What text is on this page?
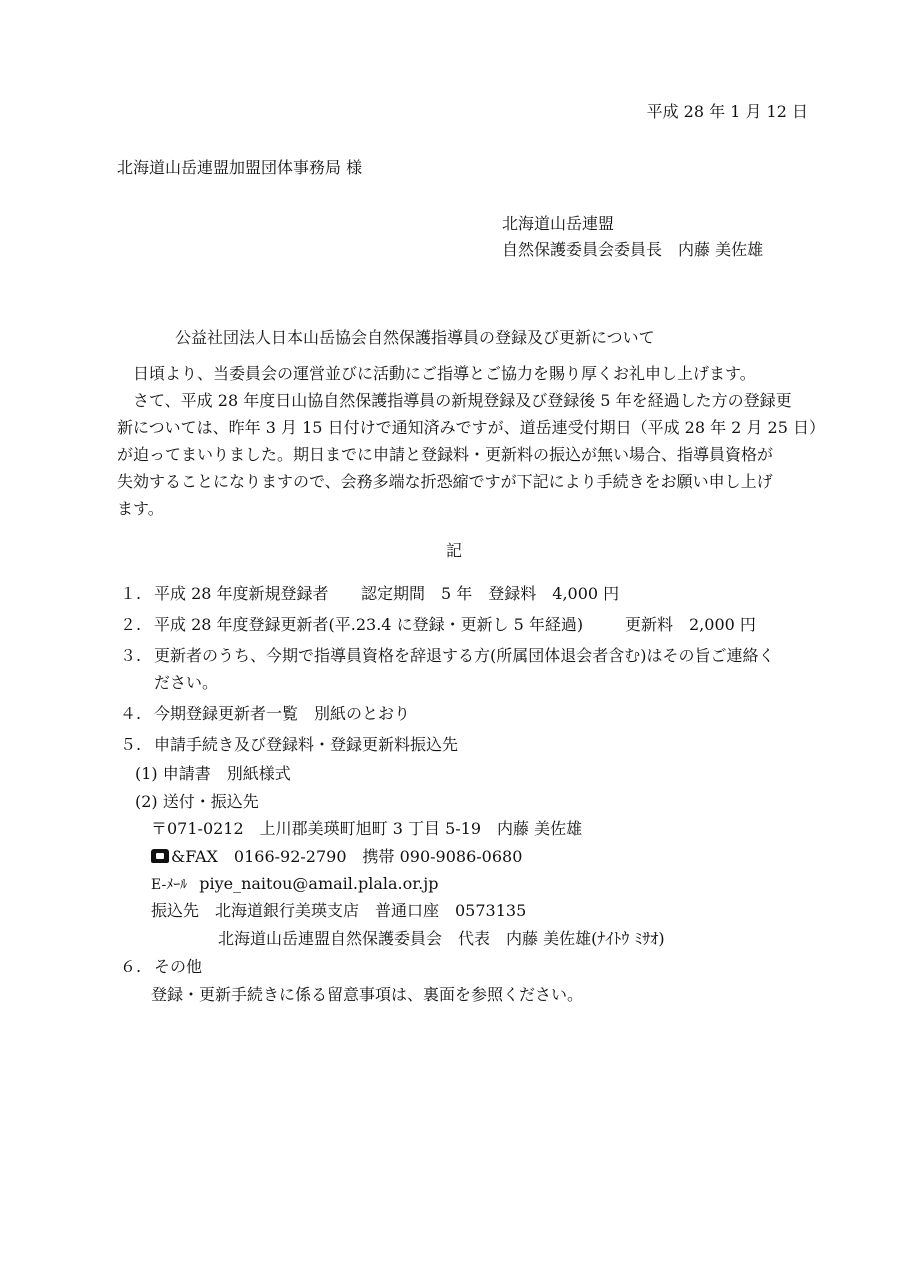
平成 28 年 1 月 12 日
北海道山岳連盟加盟団体事務局 様
北海道山岳連盟
自然保護委員会委員長　内藤 美佐雄
公益社団法人日本山岳協会自然保護指導員の登録及び更新について
日頃より、当委員会の運営並びに活動にご指導とご協力を賜り厚くお礼申し上げます。
さて、平成 28 年度日山協自然保護指導員の新規登録及び登録後 5 年を経過した方の登録更
新については、昨年 3 月 15 日付けで通知済みですが、道岳連受付期日（平成 28 年 2 月 25 日）
が迫ってまいりました。期日までに申請と登録料・更新料の振込が無い場合、指導員資格が
失効することになりますので、会務多端な折恐縮ですが下記により手続きをお願い申し上げ
ます。
記
１. 平成 28 年度新規登録者 認定期間　5 年　登録料　4,000 円
２. 平成 28 年度登録更新者(平.23.4 に登録・更新し 5 年経過)	更新料　2,000 円
３. 更新者のうち、今期で指導員資格を辞退する方(所属団体退会者含む)はその旨ご連絡く
ださい。
４. 今期登録更新者一覧　別紙のとおり
５. 申請手続き及び登録料・登録更新料振込先
(1) 申請書　別紙様式
(2) 送付・振込先
〒071-0212　上川郡美瑛町旭町 3 丁目 5-19　内藤 美佐雄
&FAX　0166-92-2790　携帯 090-9086-0680
E-ﾒｰﾙ piye_naitou@amail.plala.or.jp
振込先　北海道銀行美瑛支店　普通口座　0573135
北海道山岳連盟自然保護委員会　代表　内藤 美佐雄(ﾅｲﾄｳ ﾐｻｵ)
６. その他
登録・更新手続きに係る留意事項は、裏面を参照ください。
